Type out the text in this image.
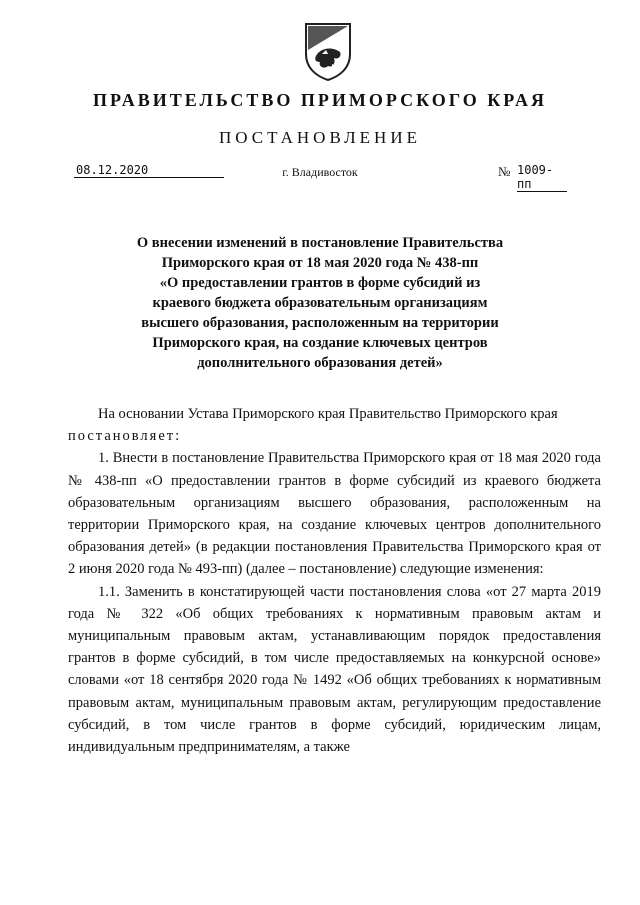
ПРАВИТЕЛЬСТВО ПРИМОРСКОГО КРАЯ
ПОСТАНОВЛЕНИЕ
08.12.2020	г. Владивосток	№ 1009-пп
О внесении изменений в постановление Правительства
Приморского края от 18 мая 2020 года № 438-пп
«О предоставлении грантов в форме субсидий из
краевого бюджета образовательным организациям
высшего образования, расположенным на территории
Приморского края, на создание ключевых центров
дополнительного образования детей»

На основании Устава Приморского края Правительство Приморского края
постановляет:

1. Внести в постановление Правительства Приморского края от 18 мая 2020 года № 438-пп «О предоставлении грантов в форме субсидий из краевого бюджета образовательным организациям высшего образования, расположенным на территории Приморского края, на создание ключевых центров дополнительного образования детей» (в редакции постановления Правительства Приморского края от 2 июня 2020 года № 493-пп) (далее – постановление) следующие изменения:

1.1. Заменить в констатирующей части постановления слова «от 27 марта 2019 года № 322 «Об общих требованиях к нормативным правовым актам и муниципальным правовым актам, устанавливающим порядок предоставления грантов в форме субсидий, в том числе предоставляемых на конкурсной основе» словами «от 18 сентября 2020 года № 1492 «Об общих требованиях к нормативным правовым актам, муниципальным правовым актам, регулирующим предоставление субсидий, в том числе грантов в форме субсидий, юридическим лицам, индивидуальным предпринимателям, а также
